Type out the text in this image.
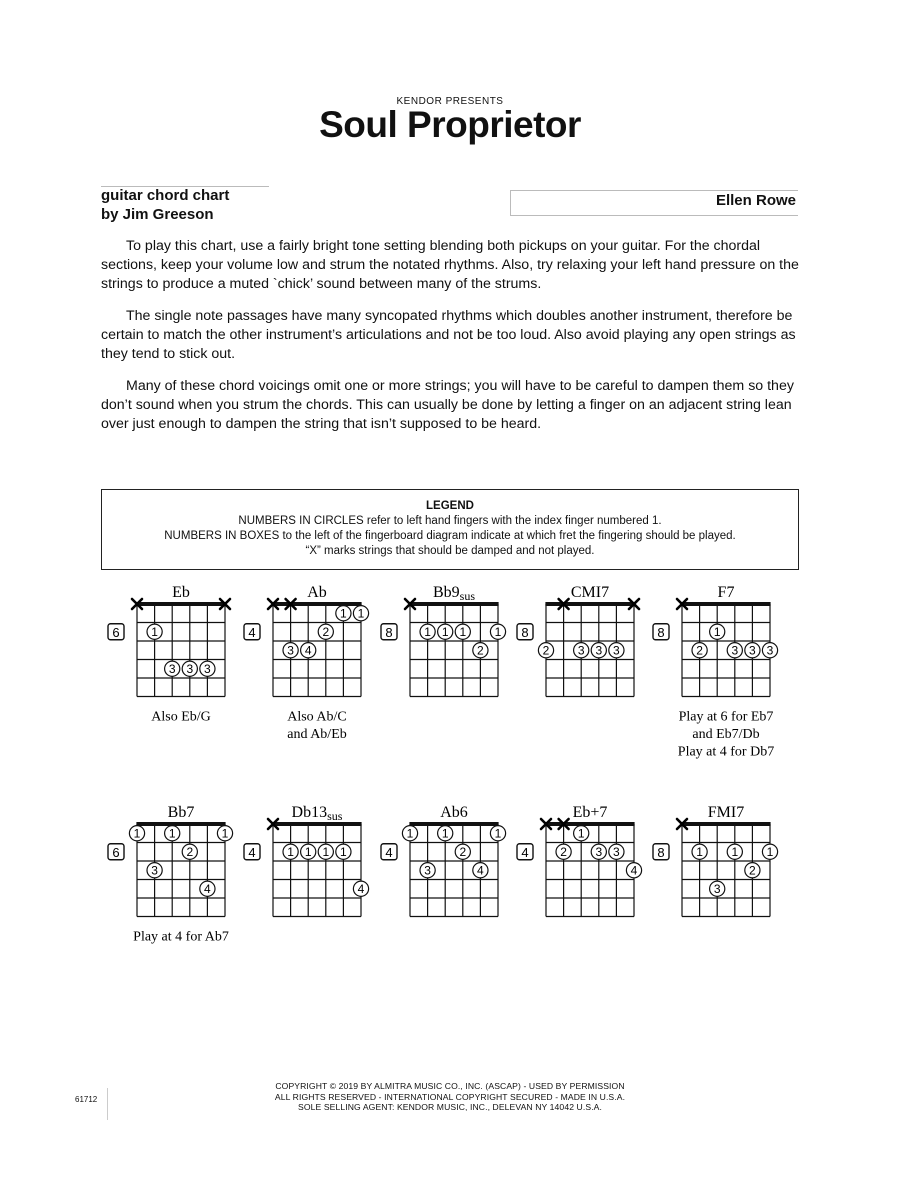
KENDOR PRESENTS
Soul Proprietor
guitar chord chart
by Jim Greeson
Ellen Rowe
To play this chart, use a fairly bright tone setting blending both pickups on your guitar. For the chordal sections, keep your volume low and strum the notated rhythms. Also, try relaxing your left hand pressure on the strings to produce a muted `chick’ sound between many of the strums.
The single note passages have many syncopated rhythms which doubles another instrument, therefore be certain to match the other instrument’s articulations and not be too loud. Also avoid playing any open strings as they tend to stick out.
Many of these chord voicings omit one or more strings; you will have to be careful to dampen them so they don’t sound when you strum the chords. This can usually be done by letting a finger on an adjacent string lean over just enough to dampen the string that isn’t supposed to be heard.
LEGEND
NUMBERS IN CIRCLES refer to left hand fingers with the index finger numbered 1.
NUMBERS IN BOXES to the left of the fingerboard diagram indicate at which fret the fingering should be played.
“X” marks strings that should be damped and not played.
Eb
6	1
3 3 3
Also Eb/G
Ab
4
1 1
2
3 4
Also Ab/C
and Ab/Eb
Bb9sus
8	1 1 1 1
2
CMI7
8
2 3 3 3
F7
8	1
2 3 3 3
Play at 6 for Eb7
and Eb7/Db
Play at 4 for Db7
Bb7
6
1 1	1
2
3
4
Play at 4 for Ab7
Db13sus
4	1 1 1 1
4
Ab6
4
1 1	1
2
3	4
Eb+7
4
1
2 3 3
4
FMI7
8	1 1 1
2
3
COPYRIGHT © 2019 BY ALMITRA MUSIC CO., INC. (ASCAP) - USED BY PERMISSION
ALL RIGHTS RESERVED - INTERNATIONAL COPYRIGHT SECURED - MADE IN U.S.A.
SOLE SELLING AGENT: KENDOR MUSIC, INC., DELEVAN NY 14042 U.S.A.
61712
